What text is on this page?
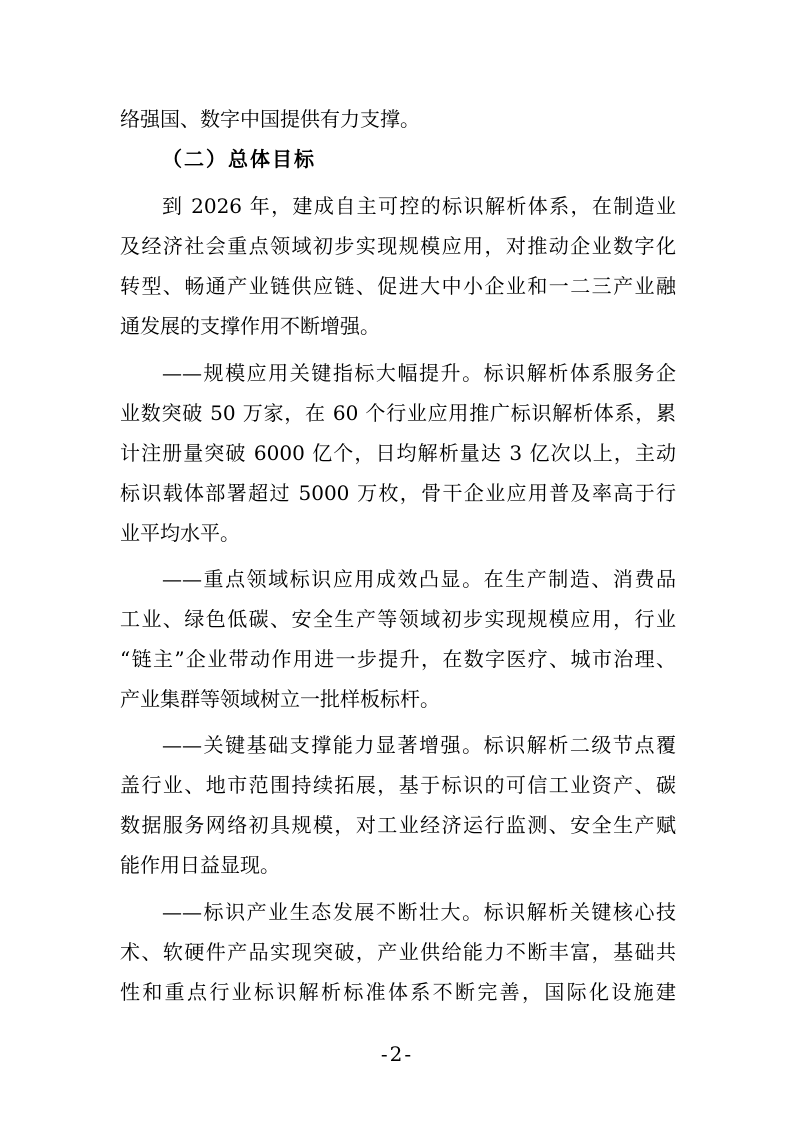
络强国、数字中国提供有力支撑。
（二）总体目标
到 2026 年，建成自主可控的标识解析体系，在制造业
及经济社会重点领域初步实现规模应用，对推动企业数字化
转型、畅通产业链供应链、促进大中小企业和一二三产业融
通发展的支撑作用不断增强。
——规模应用关键指标大幅提升。标识解析体系服务企
业数突破 50 万家，在 60 个行业应用推广标识解析体系，累
计注册量突破 6000 亿个，日均解析量达 3 亿次以上，主动
标识载体部署超过 5000 万枚，骨干企业应用普及率高于行
业平均水平。
——重点领域标识应用成效凸显。在生产制造、消费品
工业、绿色低碳、安全生产等领域初步实现规模应用，行业
“链主”企业带动作用进一步提升，在数字医疗、城市治理、
产业集群等领域树立一批样板标杆。
——关键基础支撑能力显著增强。标识解析二级节点覆
盖行业、地市范围持续拓展，基于标识的可信工业资产、碳
数据服务网络初具规模，对工业经济运行监测、安全生产赋
能作用日益显现。
——标识产业生态发展不断壮大。标识解析关键核心技
术、软硬件产品实现突破，产业供给能力不断丰富，基础共
性和重点行业标识解析标准体系不断完善，国际化设施建
-2-
